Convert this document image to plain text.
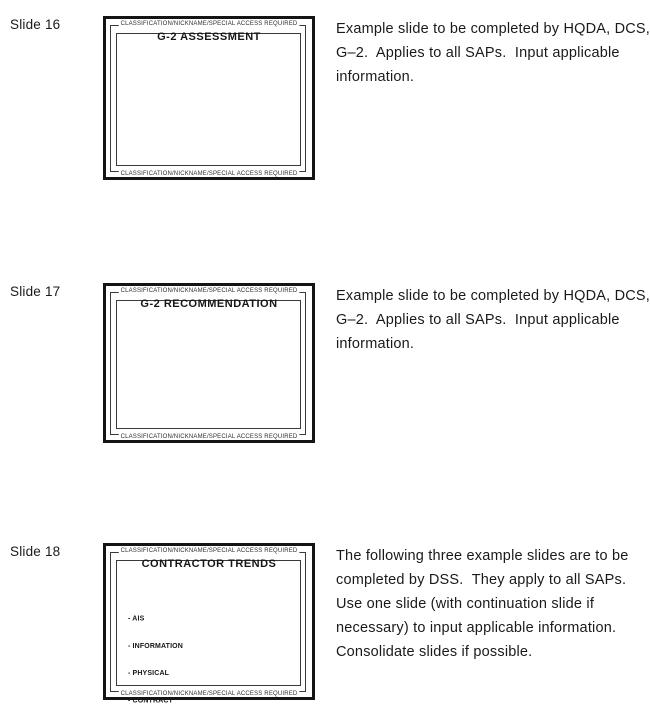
Slide 16	CLASSIFICATION/NICKNAME/SPECIAL ACCESS REQUIRED
G-2 ASSESSMENT
CLASSIFICATION/NICKNAME/SPECIAL ACCESS REQUIRED
Example slide to be completed by HQDA, DCS,
G–2.  Applies to all SAPs.  Input applicable
information.
Slide 17	CLASSIFICATION/NICKNAME/SPECIAL ACCESS REQUIRED
G-2 RECOMMENDATION
CLASSIFICATION/NICKNAME/SPECIAL ACCESS REQUIRED
Example slide to be completed by HQDA, DCS,
G–2.  Applies to all SAPs.  Input applicable
information.
Slide 18	CLASSIFICATION/NICKNAME/SPECIAL ACCESS REQUIRED
CONTRACTOR TRENDS

- AIS

- INFORMATION

- PHYSICAL

- CONTRACT

CLASSIFICATION/NICKNAME/SPECIAL ACCESS REQUIRED
The following three example slides are to be
completed by DSS.  They apply to all SAPs.
Use one slide (with continuation slide if
necessary) to input applicable information.
Consolidate slides if possible.
